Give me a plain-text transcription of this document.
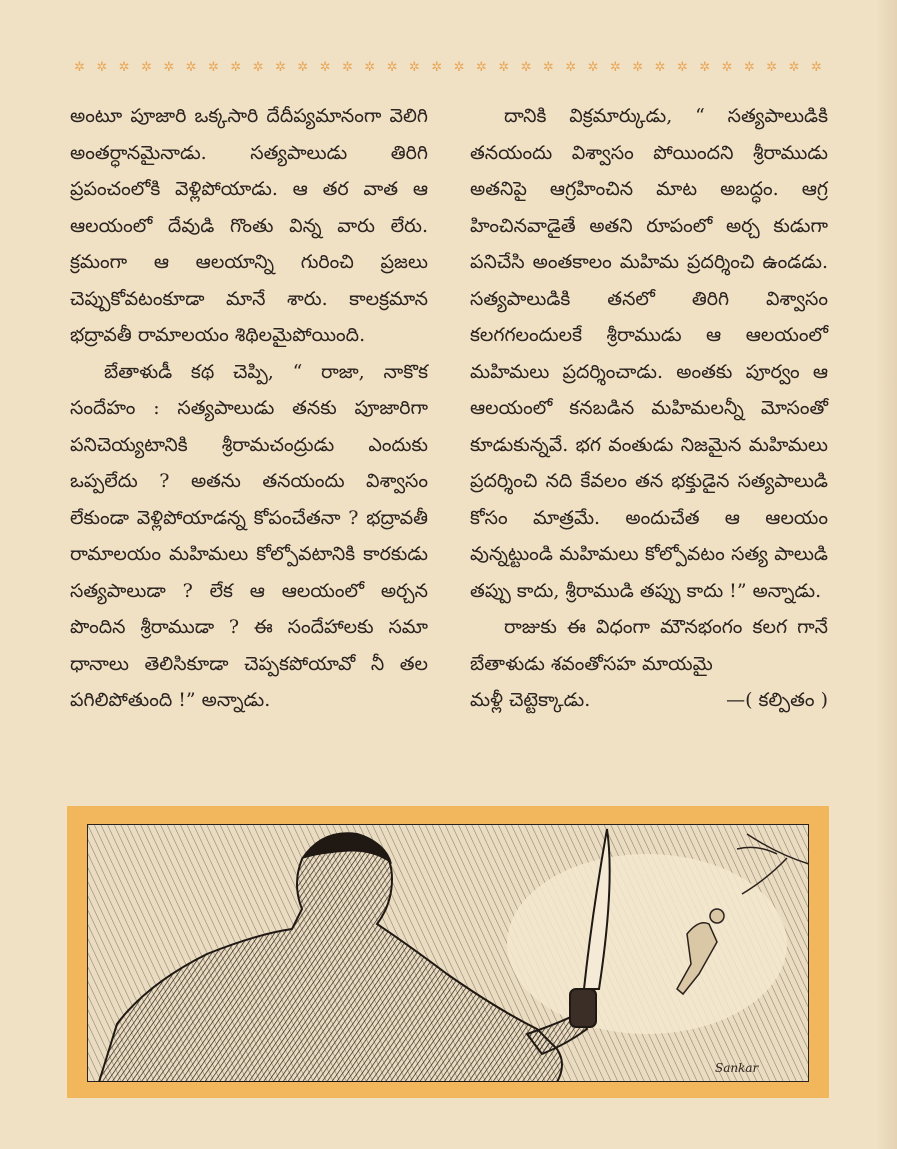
✲ ✲ ✲ ✲ ✲ ✲ ✲ ✲ ✲ ✲ ✲ ✲ ✲ ✲ ✲ ✲ ✲ ✲ ✲ ✲ ✲ ✲ ✲ ✲ ✲ ✲ ✲ ✲ ✲ ✲ ✲ ✲ ✲ ✲

అంటూ పూజారి ఒక్కసారి దేదీప్యమానంగా వెలిగి అంతర్ధానమైనాడు. సత్యపాలుడు తిరిగి ప్రపంచంలోకి వెళ్లిపోయాడు. ఆ తర వాత ఆ ఆలయంలో దేవుడి గొంతు విన్న వారు లేరు. క్రమంగా ఆ ఆలయాన్ని గురించి ప్రజలు చెప్పుకోవటంకూడా మానే శారు. కాలక్రమాన భద్రావతీ రామాలయం శిథిలమైపోయింది.

బేతాళుడీ కథ చెప్పి, “ రాజా, నాకొక సందేహం : సత్యపాలుడు తనకు పూజారిగా పనిచెయ్యటానికి శ్రీరామచంద్రుడు ఎందుకు ఒప్పలేదు ? అతను తనయందు విశ్వాసం లేకుండా వెళ్లిపోయాడన్న కోపంచేతనా ? భద్రావతీ రామాలయం మహిమలు కోల్పోవటానికి కారకుడు సత్యపాలుడా ? లేక ఆ ఆలయంలో అర్చన పొందిన శ్రీరాముడా ? ఈ సందేహాలకు సమా ధానాలు తెలిసికూడా చెప్పకపోయావో నీ తల పగిలిపోతుంది !” అన్నాడు.

దానికి విక్రమార్కుడు, “ సత్యపాలుడికి తనయందు విశ్వాసం పోయిందని శ్రీరాముడు అతనిపై ఆగ్రహించిన మాట అబద్ధం. ఆగ్ర హించినవాడైతే అతని రూపంలో అర్చ కుడుగా పనిచేసి అంతకాలం మహిమ ప్రదర్శించి ఉండడు. సత్యపాలుడికి తనలో తిరిగి విశ్వాసం కలగగలందులకే శ్రీరాముడు ఆ ఆలయంలో మహిమలు ప్రదర్శించాడు. అంతకు పూర్వం ఆ ఆలయంలో కనబడిన మహిమలన్నీ మోసంతో కూడుకున్నవే. భగ వంతుడు నిజమైన మహిమలు ప్రదర్శించి నది కేవలం తన భక్తుడైన సత్యపాలుడి కోసం మాత్రమే. అందుచేత ఆ ఆలయం వున్నట్టుండి మహిమలు కోల్పోవటం సత్య పాలుడి తప్పు కాదు, శ్రీరాముడి తప్పు కాదు !” అన్నాడు.

రాజుకు ఈ విధంగా మౌనభంగం కలగ గానే బేతాళుడు శవంతోసహ మాయమై

మళ్లీ చెట్టెక్కాడు.	—( కల్పితం )
Sankar
